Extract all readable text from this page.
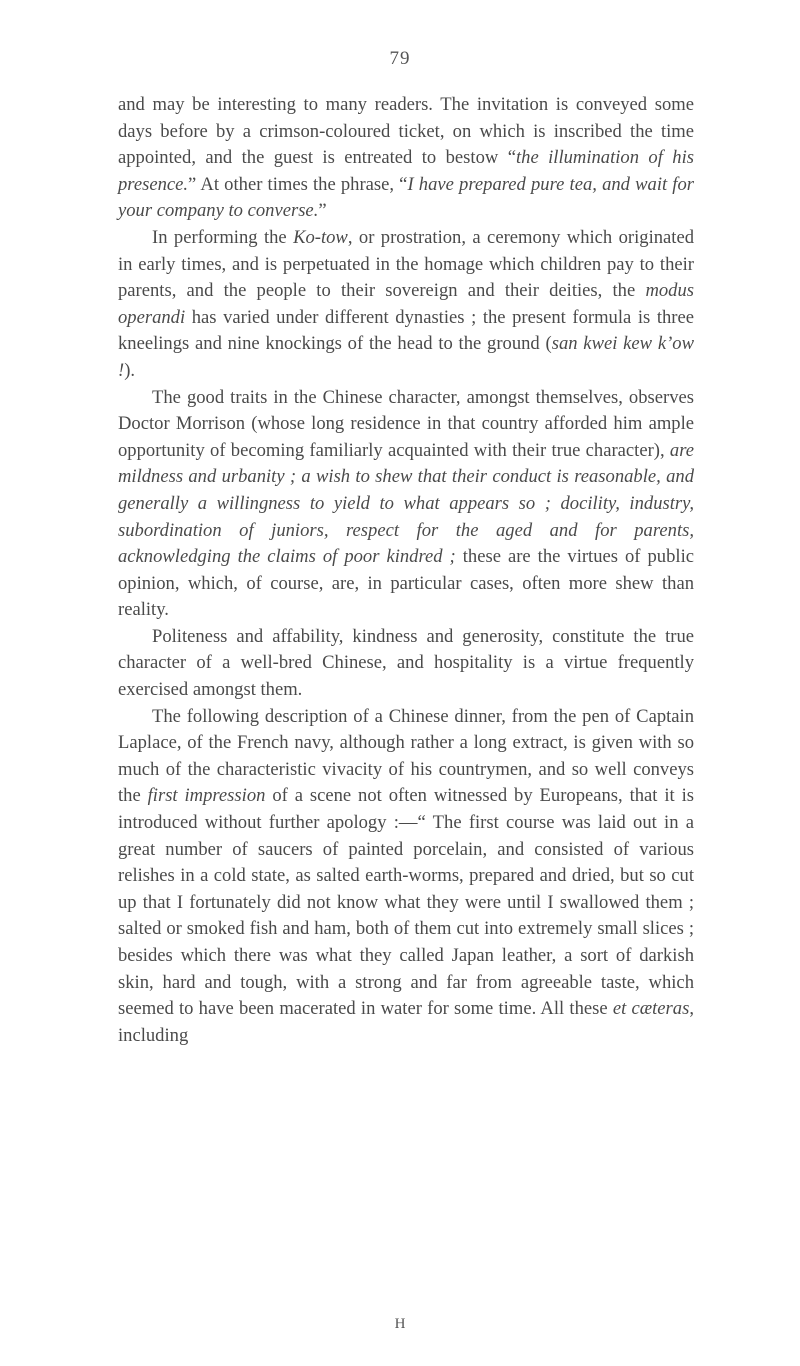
79

and may be interesting to many readers. The invitation is conveyed some days before by a crimson-coloured ticket, on which is inscribed the time appointed, and the guest is entreated to bestow “the illumination of his presence.” At other times the phrase, “I have prepared pure tea, and wait for your company to converse.”

In performing the Ko-tow, or prostration, a ceremony which originated in early times, and is perpetuated in the homage which children pay to their parents, and the people to their sovereign and their deities, the modus operandi has varied under different dynasties ; the present formula is three kneelings and nine knockings of the head to the ground (san kwei kew k’ow !).

The good traits in the Chinese character, amongst themselves, observes Doctor Morrison (whose long residence in that country afforded him ample opportunity of becoming familiarly acquainted with their true character), are mildness and urbanity ; a wish to shew that their conduct is reasonable, and generally a willingness to yield to what appears so ; docility, industry, subordination of juniors, respect for the aged and for parents, acknowledging the claims of poor kindred ; these are the virtues of public opinion, which, of course, are, in particular cases, often more shew than reality.

Politeness and affability, kindness and generosity, constitute the true character of a well-bred Chinese, and hospitality is a virtue frequently exercised amongst them.

The following description of a Chinese dinner, from the pen of Captain Laplace, of the French navy, although rather a long extract, is given with so much of the characteristic vivacity of his countrymen, and so well conveys the first impression of a scene not often witnessed by Europeans, that it is introduced without further apology :—“ The first course was laid out in a great number of saucers of painted porcelain, and consisted of various relishes in a cold state, as salted earth-worms, prepared and dried, but so cut up that I fortunately did not know what they were until I swallowed them ; salted or smoked fish and ham, both of them cut into extremely small slices ; besides which there was what they called Japan leather, a sort of darkish skin, hard and tough, with a strong and far from agreeable taste, which seemed to have been macerated in water for some time. All these et cæteras, including

H
